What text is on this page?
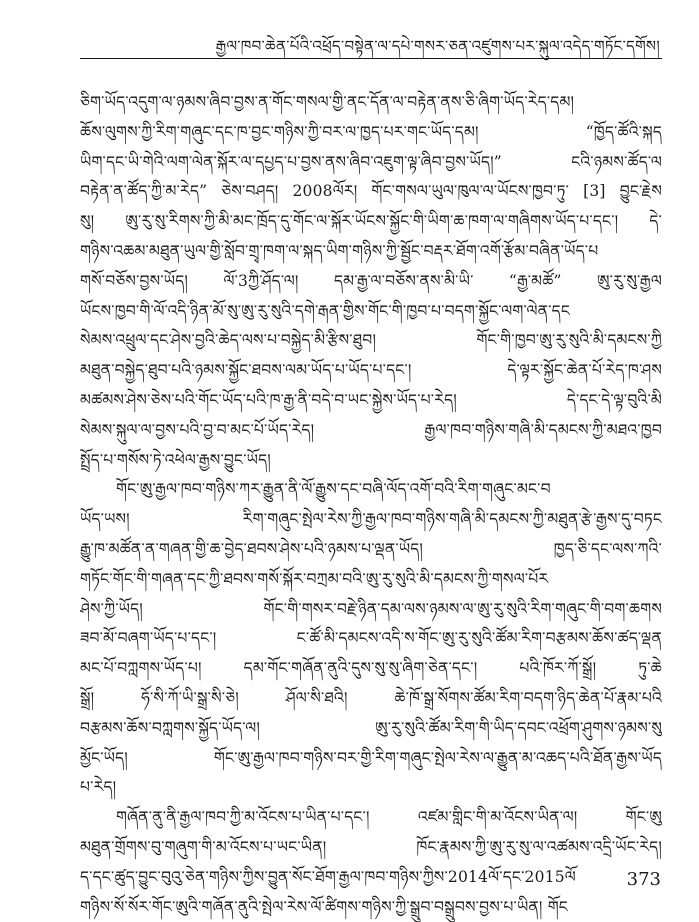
རྒྱལ་ཁབ་ཆེན་པོའི་འཕྲོད་བསྟེན་ལ་དཔེ་གསར་ཅན་འཛུགས་པར་སྐུལ་འདེད་གཏོང་དགོས།
ཅིག་ཡོད་འདུག་ལ་ཉམས་ཞིབ་བྱས་ན་གོང་གསལ་གྱི་ནང་དོན་ལ་བརྟེན་ནས་ཅི་ཞིག་ཡོད་རེད་དམ།
ཆོས་ལུགས་ཀྱི་རིག་གཞུང་དང་ཁ་བྱང་གཉིས་ཀྱི་བར་ལ་ཁྱད་པར་གང་ཡོད་དམ། “ཁྱོད་ཚོའི་སྐད
ཡིག་དང་ཡི་གེའི་ལག་ལེན་སྐོར་ལ་དཔྱད་པ་བྱས་ནས་ཞིབ་འཇུག་ལྟ་ཞིབ་བྱས་ཡོད།” ངའི་ཉམས་ཚོད་ལ
བརྟེན་ན་ཚོད་ཀྱི་མ་རེད” ཅེས་བཤད། 2008ལོར། གོང་གསལ་ཡུལ་ཁུལ་ལ་ཡོངས་ཁྱབ་ཏུ་ [3] བྱུང་རྗེས
སུ། ཨུ་རུ་སུ་རིགས་ཀྱི་མི་མང་ཁྲོད་དུ་གོང་ལ་སྐོར་ཡོངས་སྐྱོང་གི་ཡིག་ཆ་ཁག་ལ་གཞིགས་ཡོད་པ་དང་། དེ་
གཉིས་འཆམ་མཐུན་ཡུལ་གྱི་སློབ་གྲྭ་ཁག་ལ་སྐད་ཡིག་གཉིས་ཀྱི་སྦྱོང་བརྡར་ཐོག་འགོ་རྩོམ་བཞིན་ཡོད་པ
གསོ་བཅོས་བྱས་ཡོད། ལོ་3ཀྱི་ཤོད་ལ། དམ་རྒྱ་ལ་བཅོས་ནས་མི་ཡི་ “རྒྱ་མཚོ” ཨུ་རུ་སུ་རྒྱལ
ཡོངས་ཁྱབ་གི་ལོ་འདི་ཉིན་མོ་སུ་ཨུ་རུ་སུའི་དགེ་རྒན་གྱིས་གོང་གི་ཁྱབ་པ་བདག་སྐྱོང་ལག་ལེན་དང
སེམས་འཕྲུལ་དང་ཤེས་བྱའི་ཆེད་ལས་པ་བསྐྱེད་མི་རྩིས་ཐུབ། གོང་གི་ཁྱབ་ཨུ་རུ་སུའི་མི་དམངས་ཀྱི
མཐུན་བསྐྱེད་ཐུབ་པའི་ཉམས་སྐྱོང་ཐབས་ལམ་ཡོད་པ་ཡོད་པ་དང་། དེ་ལྟར་སྐྱོང་ཆེན་པོ་རེད་ཁ་ཤས
མཚམས་ཤེས་ཅེས་པའི་གོང་ཡོད་པའི་ཁ་རྒྱ་ནི་བདེ་བ་ཡང་སྐྱེས་ཡོད་པ་རེད། དེ་དང་དེ་ལྟ་བུའི་མི
སེམས་སྐུལ་ལ་བྱས་པའི་བྱ་བ་མང་པོ་ཡོད་རེད། རྒྱལ་ཁབ་གཉིས་གཞི་མི་དམངས་ཀྱི་མཐའ་ཁྱབ
སྤྲོད་པ་གསོས་ཏེ་འཕེལ་རྒྱས་བྱུང་ཡོད།
གོང་ཨུ་རྒྱལ་ཁབ་གཉིས་ཀར་རྒྱུན་ནི་ལོ་རྒྱུས་དང་བཞི་ལོད་འགོ་བའི་རིག་གཞུང་མང་བ
ཡོད་ཡས། རིག་གཞུང་སྤེལ་རེས་ཀྱི་རྒྱལ་ཁབ་གཉིས་གཞི་མི་དམངས་ཀྱི་མཐུན་རྩེ་རྒྱས་དུ་བཏང
རྒྱུ་ཁ་མཚོན་ན་གཞན་གྱི་ཆ་བྱེད་ཐབས་ཤེས་པའི་ཉམས་པ་ལྡན་ཡོད། ཁྱད་ཅི་དང་ལས་ཀའི་
གཏོང་གོང་གི་གཞན་དང་ཀྱི་ཐབས་གསོ་སྐོར་བཀྲམ་བའི་ཨུ་རུ་སུའི་མི་དམངས་ཀྱི་གསལ་པོར
ཤེས་ཀྱི་ཡོད། གོང་གི་གསར་བརྗེ་ཉིན་དམ་ལས་ཉམས་ལ་ཨུ་རུ་སུའི་རིག་གཞུང་གི་བག་ཆགས
ཟབ་མོ་བཞག་ཡོད་པ་དང་། ང་ཚོ་མི་དམངས་འདི་ས་གོང་ཨུ་རུ་སུའི་ཚོམ་རིག་བརྩམས་ཆོས་ཚད་ལྡན
མང་པོ་བཀླགས་ཡོད་པ། དམ་གོང་གཞོན་ནུའི་དུས་སུ་སུ་ཞིག་ཅེན་དང་། པའི་ཁོར་ཀོ་སྒྲོ། ཏུ་ཆེ
སྒྲོ། ཧོ་སི་ཀོ་ཡི་སྒྲ་སི་ཅེ། ཤོལ་སི་ཐའི། ཆེ་ཁོ་སྒྲ་སོགས་ཚོམ་རིག་བདག་ཉིད་ཆེན་པོ་རྣམ་པའི
བརྩམས་ཆོས་བཀླགས་སྐྱོད་ཡོད་ལ། ཨུ་རུ་སུའི་ཚོམ་རིག་གི་ཡིད་དབང་འཕྲོག་ཤུགས་ཉམས་སུ
མྱོང་ཡོད། གོང་ཨུ་རྒྱལ་ཁབ་གཉིས་བར་གྱི་རིག་གཞུང་སྤེལ་རེས་ལ་རྒྱུན་མ་འཆད་པའི་ཐོན་རྒྱས་ཡོད
པ་རེད།
གཞོན་ནུ་ནི་རྒྱལ་ཁབ་ཀྱི་མ་འོངས་པ་ཡིན་པ་དང་། འཛམ་གླིང་གི་མ་འོངས་ཡིན་ལ། གོང་ཨུ
མཐུན་གྲོགས་བུ་གཞུག་གི་མ་འོངས་པ་ཡང་ཡིན། ཁོང་རྣམས་ཀྱི་ཨུ་རུ་སུ་ལ་འཚམས་འདྲི་ཡོང་རེད།
ད་དང་ཚུད་བྱུང་བུའུ་ཅེན་གཉིས་ཀྱིས་བྱུན་སོང་ཐོག་རྒྱལ་ཁབ་གཉིས་ཀྱིས་2014ལོ་དང་2015ལོ
གཉིས་སོ་སོར་གོང་ཨུའི་གཞོན་ནུའི་སྤེལ་རེས་ལོ་ཚིགས་གཉིས་ཀྱི་སྒྲུབ་བསྒྲུབས་བྱས་པ་ཡིན། གོང
373
